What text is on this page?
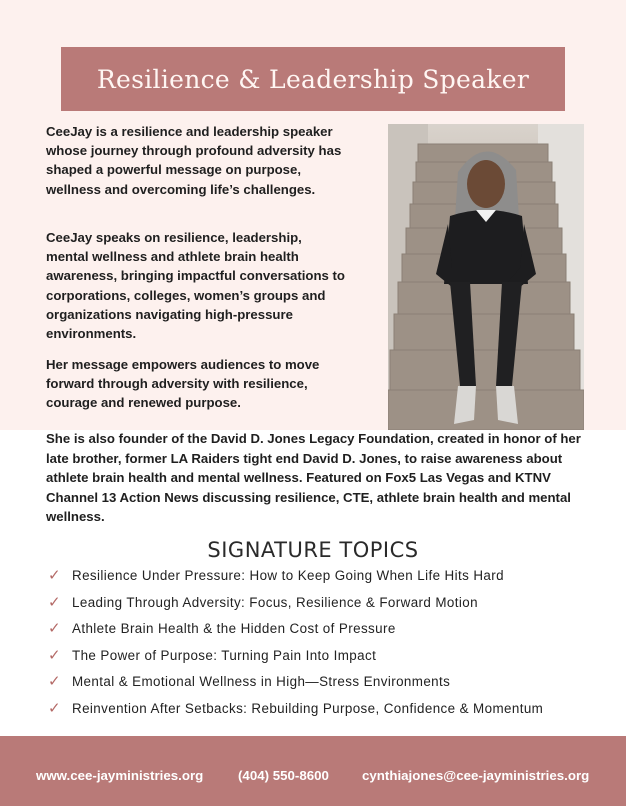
Resilience & Leadership Speaker
CeeJay is a resilience and leadership speaker whose journey through profound adversity has shaped a powerful message on purpose, wellness and overcoming life’s challenges.
CeeJay speaks on resilience, leadership, mental wellness and athlete brain health awareness, bringing impactful conversations to corporations, colleges, women’s groups and organizations navigating high-pressure environments.
Her message empowers audiences to move forward through adversity with resilience, courage and renewed purpose.
She is also founder of the David D. Jones Legacy Foundation, created in honor of her late brother, former LA Raiders tight end David D. Jones, to raise awareness about athlete brain health and mental wellness. Featured on Fox5 Las Vegas and KTNV Channel 13 Action News discussing resilience, CTE, athlete brain health and mental wellness.
SIGNATURE TOPICS
✓ Resilience Under Pressure: How to Keep Going When Life Hits Hard
✓ Leading Through Adversity: Focus, Resilience & Forward Motion
✓ Athlete Brain Health & the Hidden Cost of Pressure
✓ The Power of Purpose: Turning Pain Into Impact
✓ Mental & Emotional Wellness in High—Stress Environments
✓ Reinvention After Setbacks: Rebuilding Purpose, Confidence & Momentum
www.cee-jayministries.org	(404) 550-8600 cynthiajones@cee-jayministries.org
